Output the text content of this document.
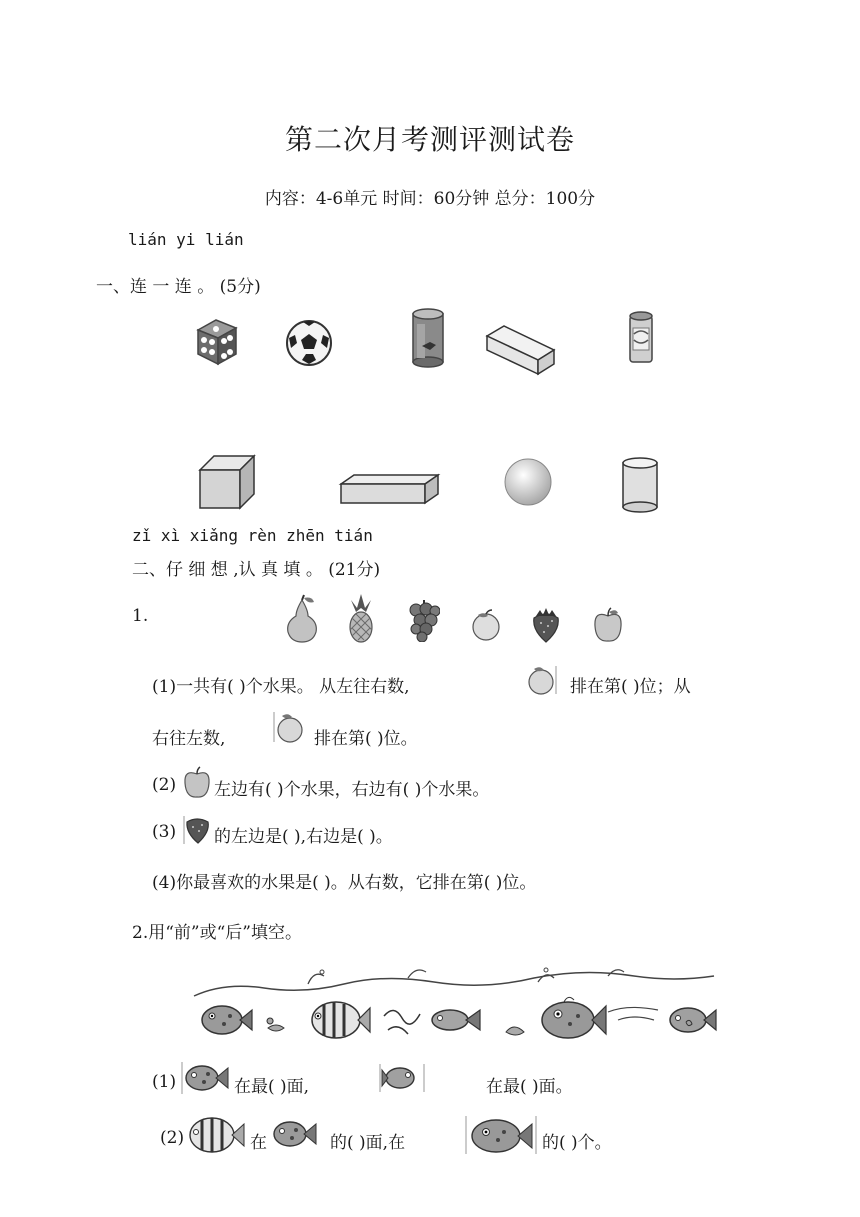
第二次月考测评测试卷
内容：4-6单元 时间：60分钟 总分：100分
lián yi lián
一、连 一 连 。 (5分)
zǐ xì xiǎng rèn zhēn tián
二、仔 细 想 ,认 真 填 。 (21分)
1.
(1)一共有( )个水果。 从左往右数,	排在第( )位；从
右往左数,	排在第( )位。
(2) 左边有( )个水果，右边有( )个水果。
(3) 的左边是( ),右边是( )。
(4)你最喜欢的水果是( )。从右数，它排在第( )位。
2.用“前”或“后”填空。
(1)	在最( )面,	在最( )面。
(2)	在	的( )面,在	的( )个。
